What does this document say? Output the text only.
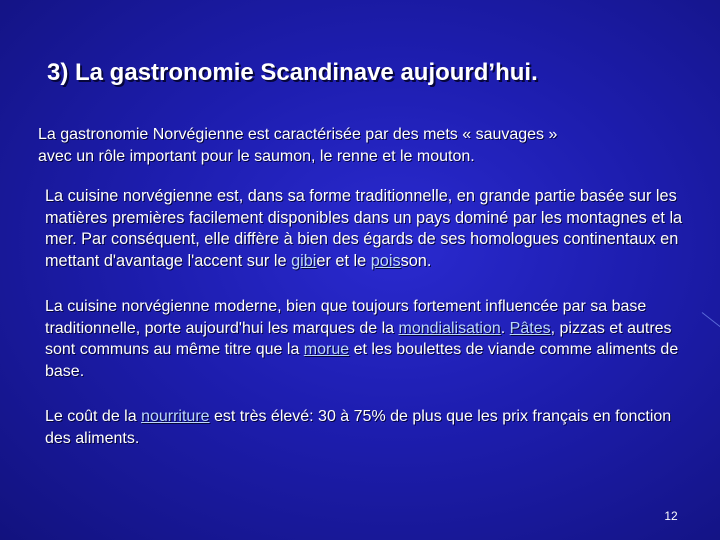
3) La gastronomie Scandinave aujourd’hui.

La gastronomie Norvégienne est caractérisée par des mets « sauvages »
avec un rôle important pour le saumon, le renne et le mouton.

La cuisine norvégienne est, dans sa forme traditionnelle, en grande partie basée sur les matières premières facilement disponibles dans un pays dominé par les montagnes et la mer. Par conséquent, elle diffère à bien des égards de ses homologues continentaux en mettant d'avantage l'accent sur le gibier et le poisson.

La cuisine norvégienne moderne, bien que toujours fortement influencée par sa base traditionnelle, porte aujourd'hui les marques de la mondialisation. Pâtes, pizzas et autres sont communs au même titre que la morue et les boulettes de viande comme aliments de base.

Le coût de la nourriture est très élevé: 30 à 75% de plus que les prix français en fonction des aliments.

12
